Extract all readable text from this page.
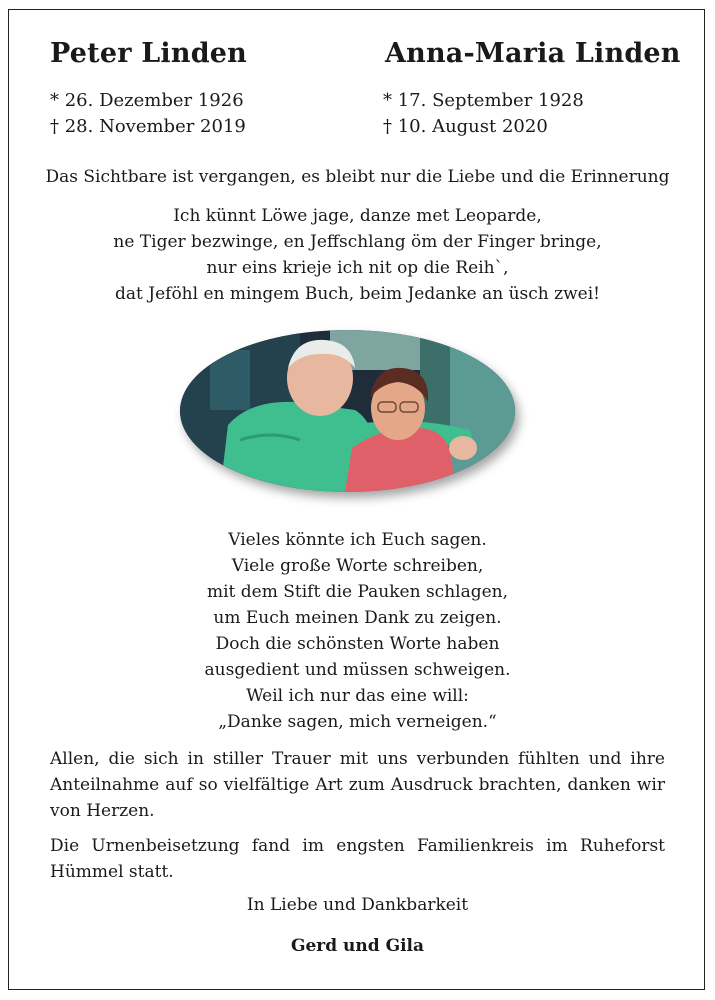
Peter Linden	Anna-Maria Linden
* 26. Dezember 1926
† 28. November 2019
* 17. September 1928
† 10. August 2020
Das Sichtbare ist vergangen, es bleibt nur die Liebe und die Erinnerung
Ich künnt Löwe jage, danze met Leoparde,
ne Tiger bezwinge, en Jeffschlang öm der Finger bringe,
nur eins krieje ich nit op die Reih`,
dat Jeföhl en mingem Buch, beim Jedanke an üsch zwei!
Vieles könnte ich Euch sagen.
Viele große Worte schreiben,
mit dem Stift die Pauken schlagen,
um Euch meinen Dank zu zeigen.
Doch die schönsten Worte haben
ausgedient und müssen schweigen.
Weil ich nur das eine will:
„Danke sagen, mich verneigen.“
Allen, die sich in stiller Trauer mit uns verbunden fühlten und ihre Anteilnahme auf so vielfältige Art zum Ausdruck brachten, danken wir von Herzen.
Die Urnenbeisetzung fand im engsten Familienkreis im Ruheforst Hümmel statt.
In Liebe und Dankbarkeit
Gerd und Gila
